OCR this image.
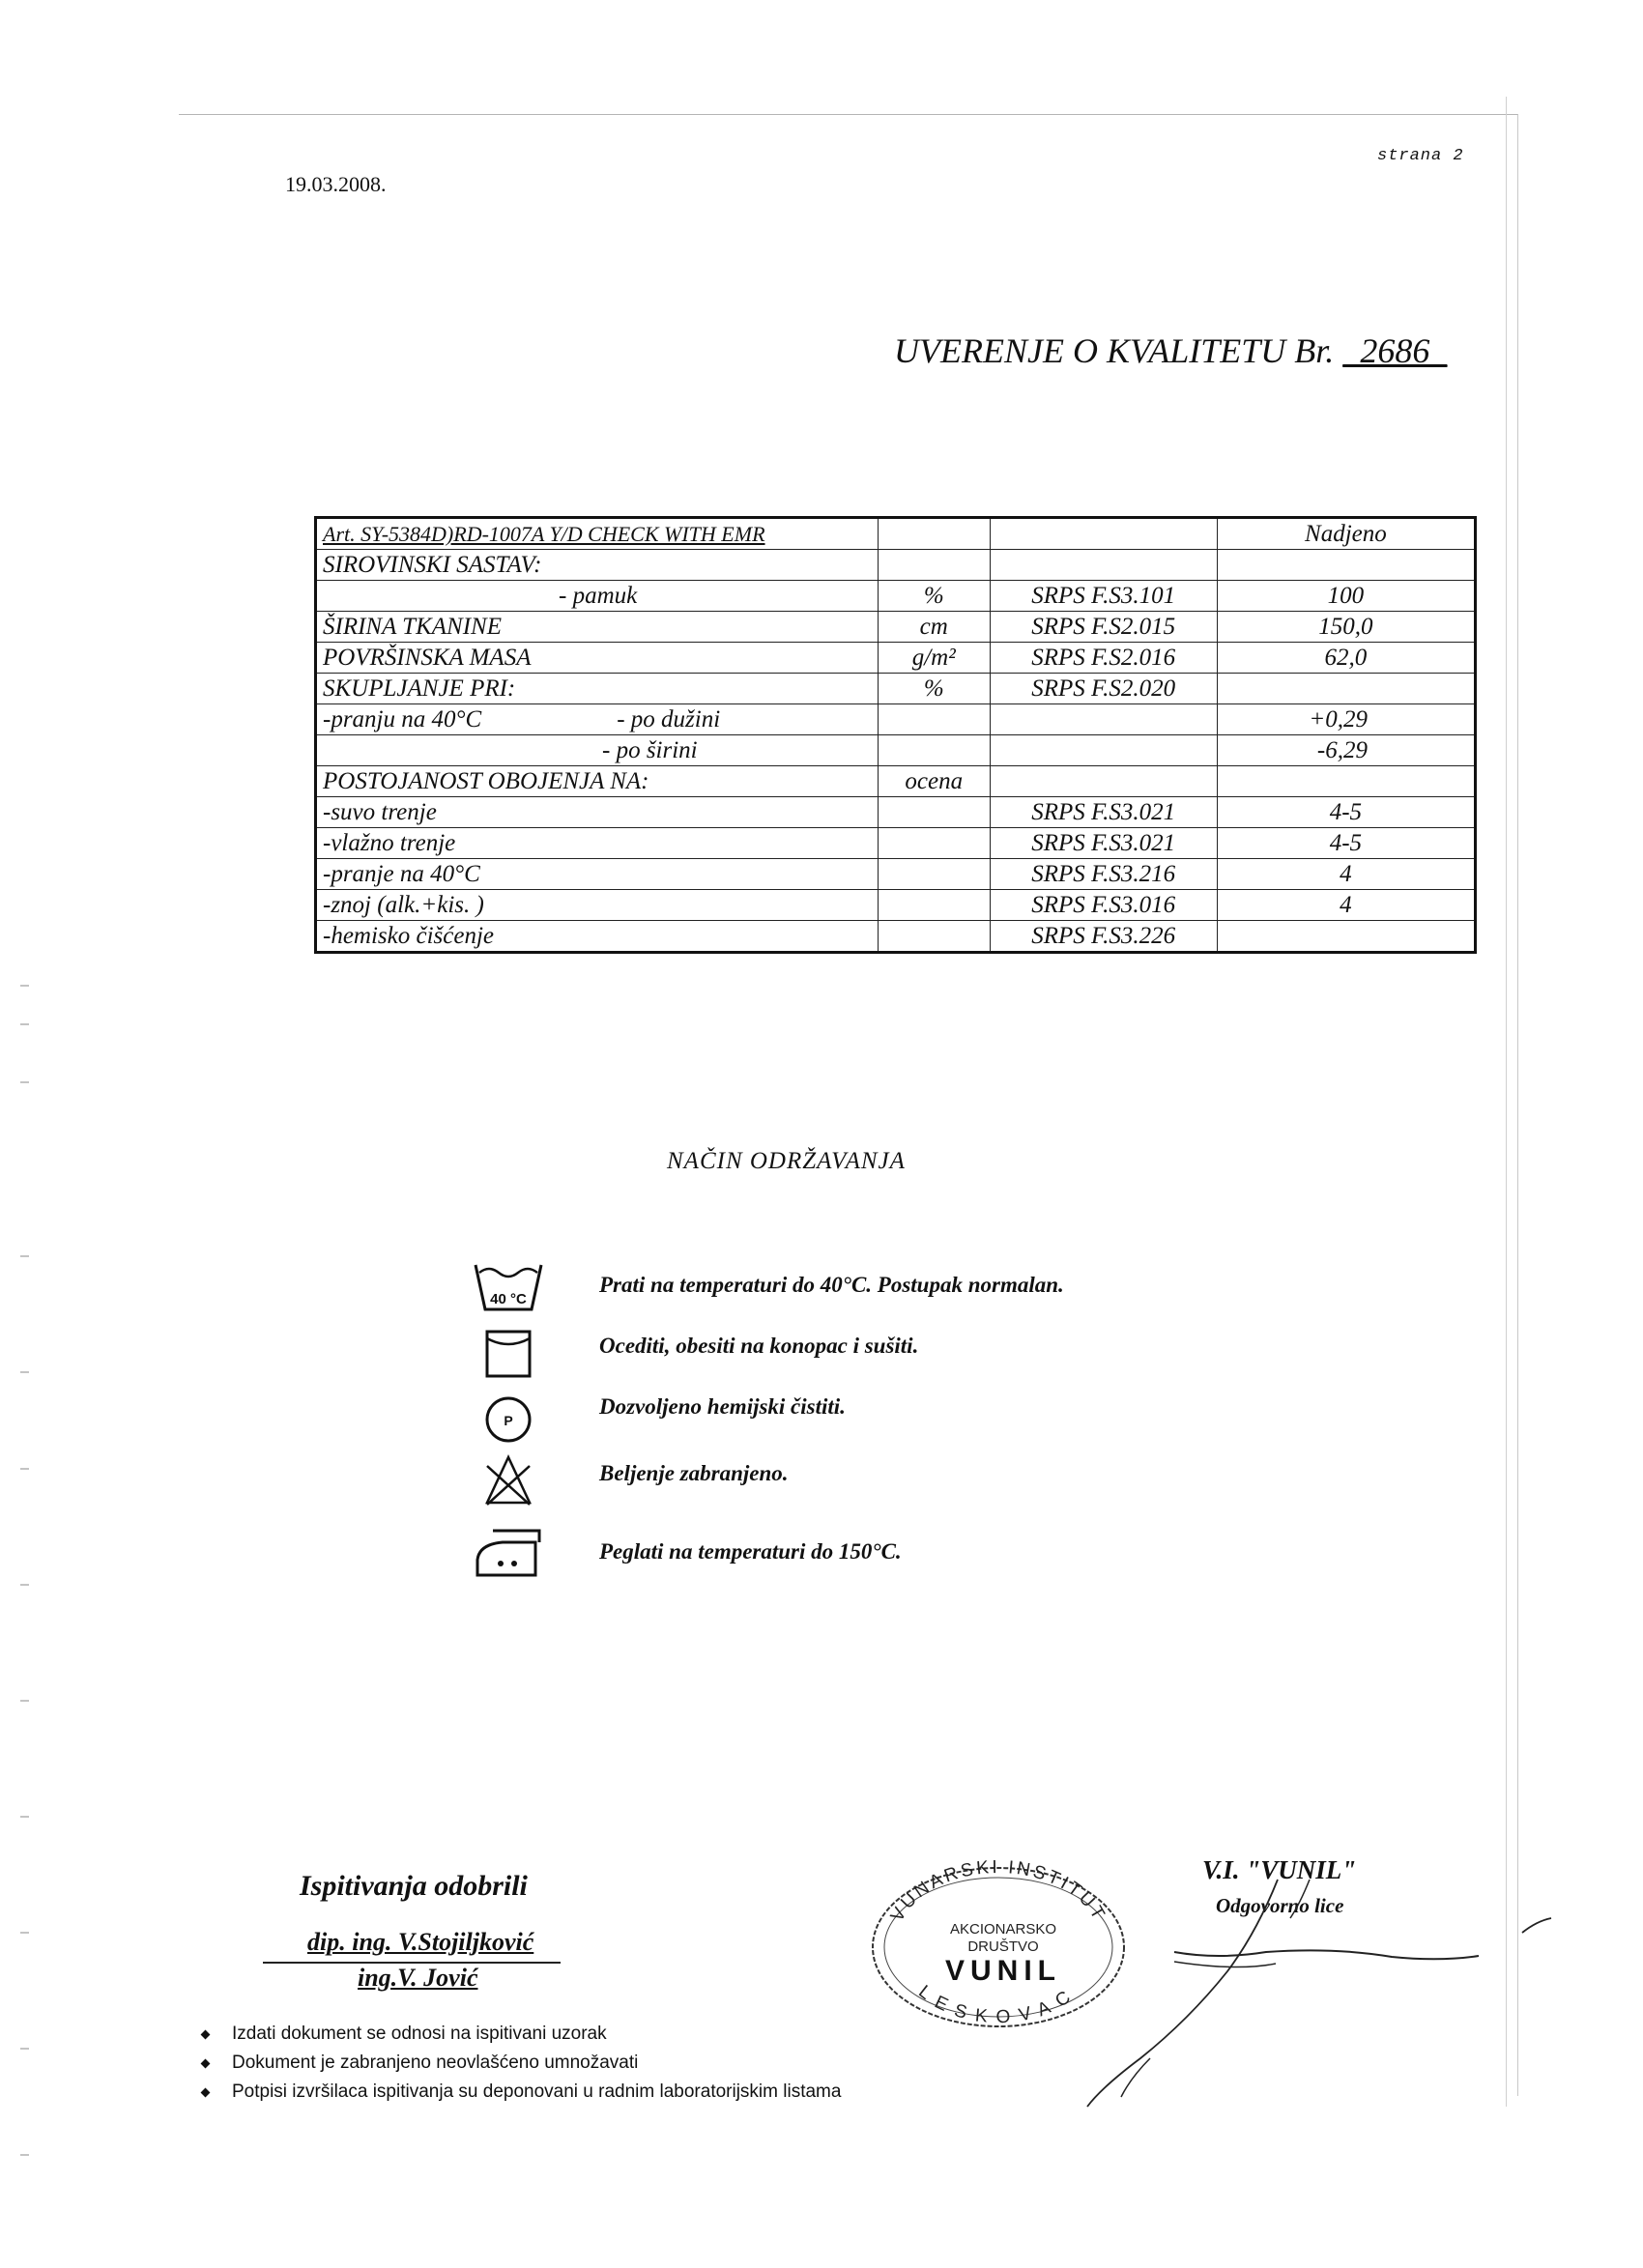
19.03.2008.
strana 2
UVERENJE O KVALITETU Br. _2686_
Art. SY-5384D)RD-1007A Y/D CHECK WITH EMR			Nadjeno
SIROVINSKI SASTAV:			
- pamuk	%	SRPS F.S3.101	100
ŠIRINA TKANINE	cm	SRPS F.S2.015	150,0
POVRŠINSKA MASA	g/m²	SRPS F.S2.016	62,0
SKUPLJANJE PRI:	%	SRPS F.S2.020	
-pranju na 40°C - po dužini			+0,29
- po širini			-6,29
POSTOJANOST OBOJENJA NA:	ocena		
-suvo trenje		SRPS F.S3.021	4-5
-vlažno trenje		SRPS F.S3.021	4-5
-pranje na 40°C		SRPS F.S3.216	4
-znoj (alk.+kis. )		SRPS F.S3.016	4
-hemisko čišćenje		SRPS F.S3.226	
NAČIN ODRŽAVANJA
40 °C
P
Prati na temperaturi do 40°C. Postupak normalan.
Ocediti, obesiti na konopac i sušiti.
Dozvoljeno hemijski čistiti.
Beljenje zabranjeno.
Peglati na temperaturi do 150°C.
Ispitivanja odobrili
dip. ing. V.Stojiljković
ing.V. Jović
V.I. "VUNIL"
Odgovorno lice
VUNARSKI INSTITUT
AKCIONARSKO
DRUŠTVO
VUNIL
LESKOVAC
Izdati dokument se odnosi na ispitivani uzorak
Dokument je zabranjeno neovlašćeno umnožavati
Potpisi izvršilaca ispitivanja su deponovani u radnim laboratorijskim listama
